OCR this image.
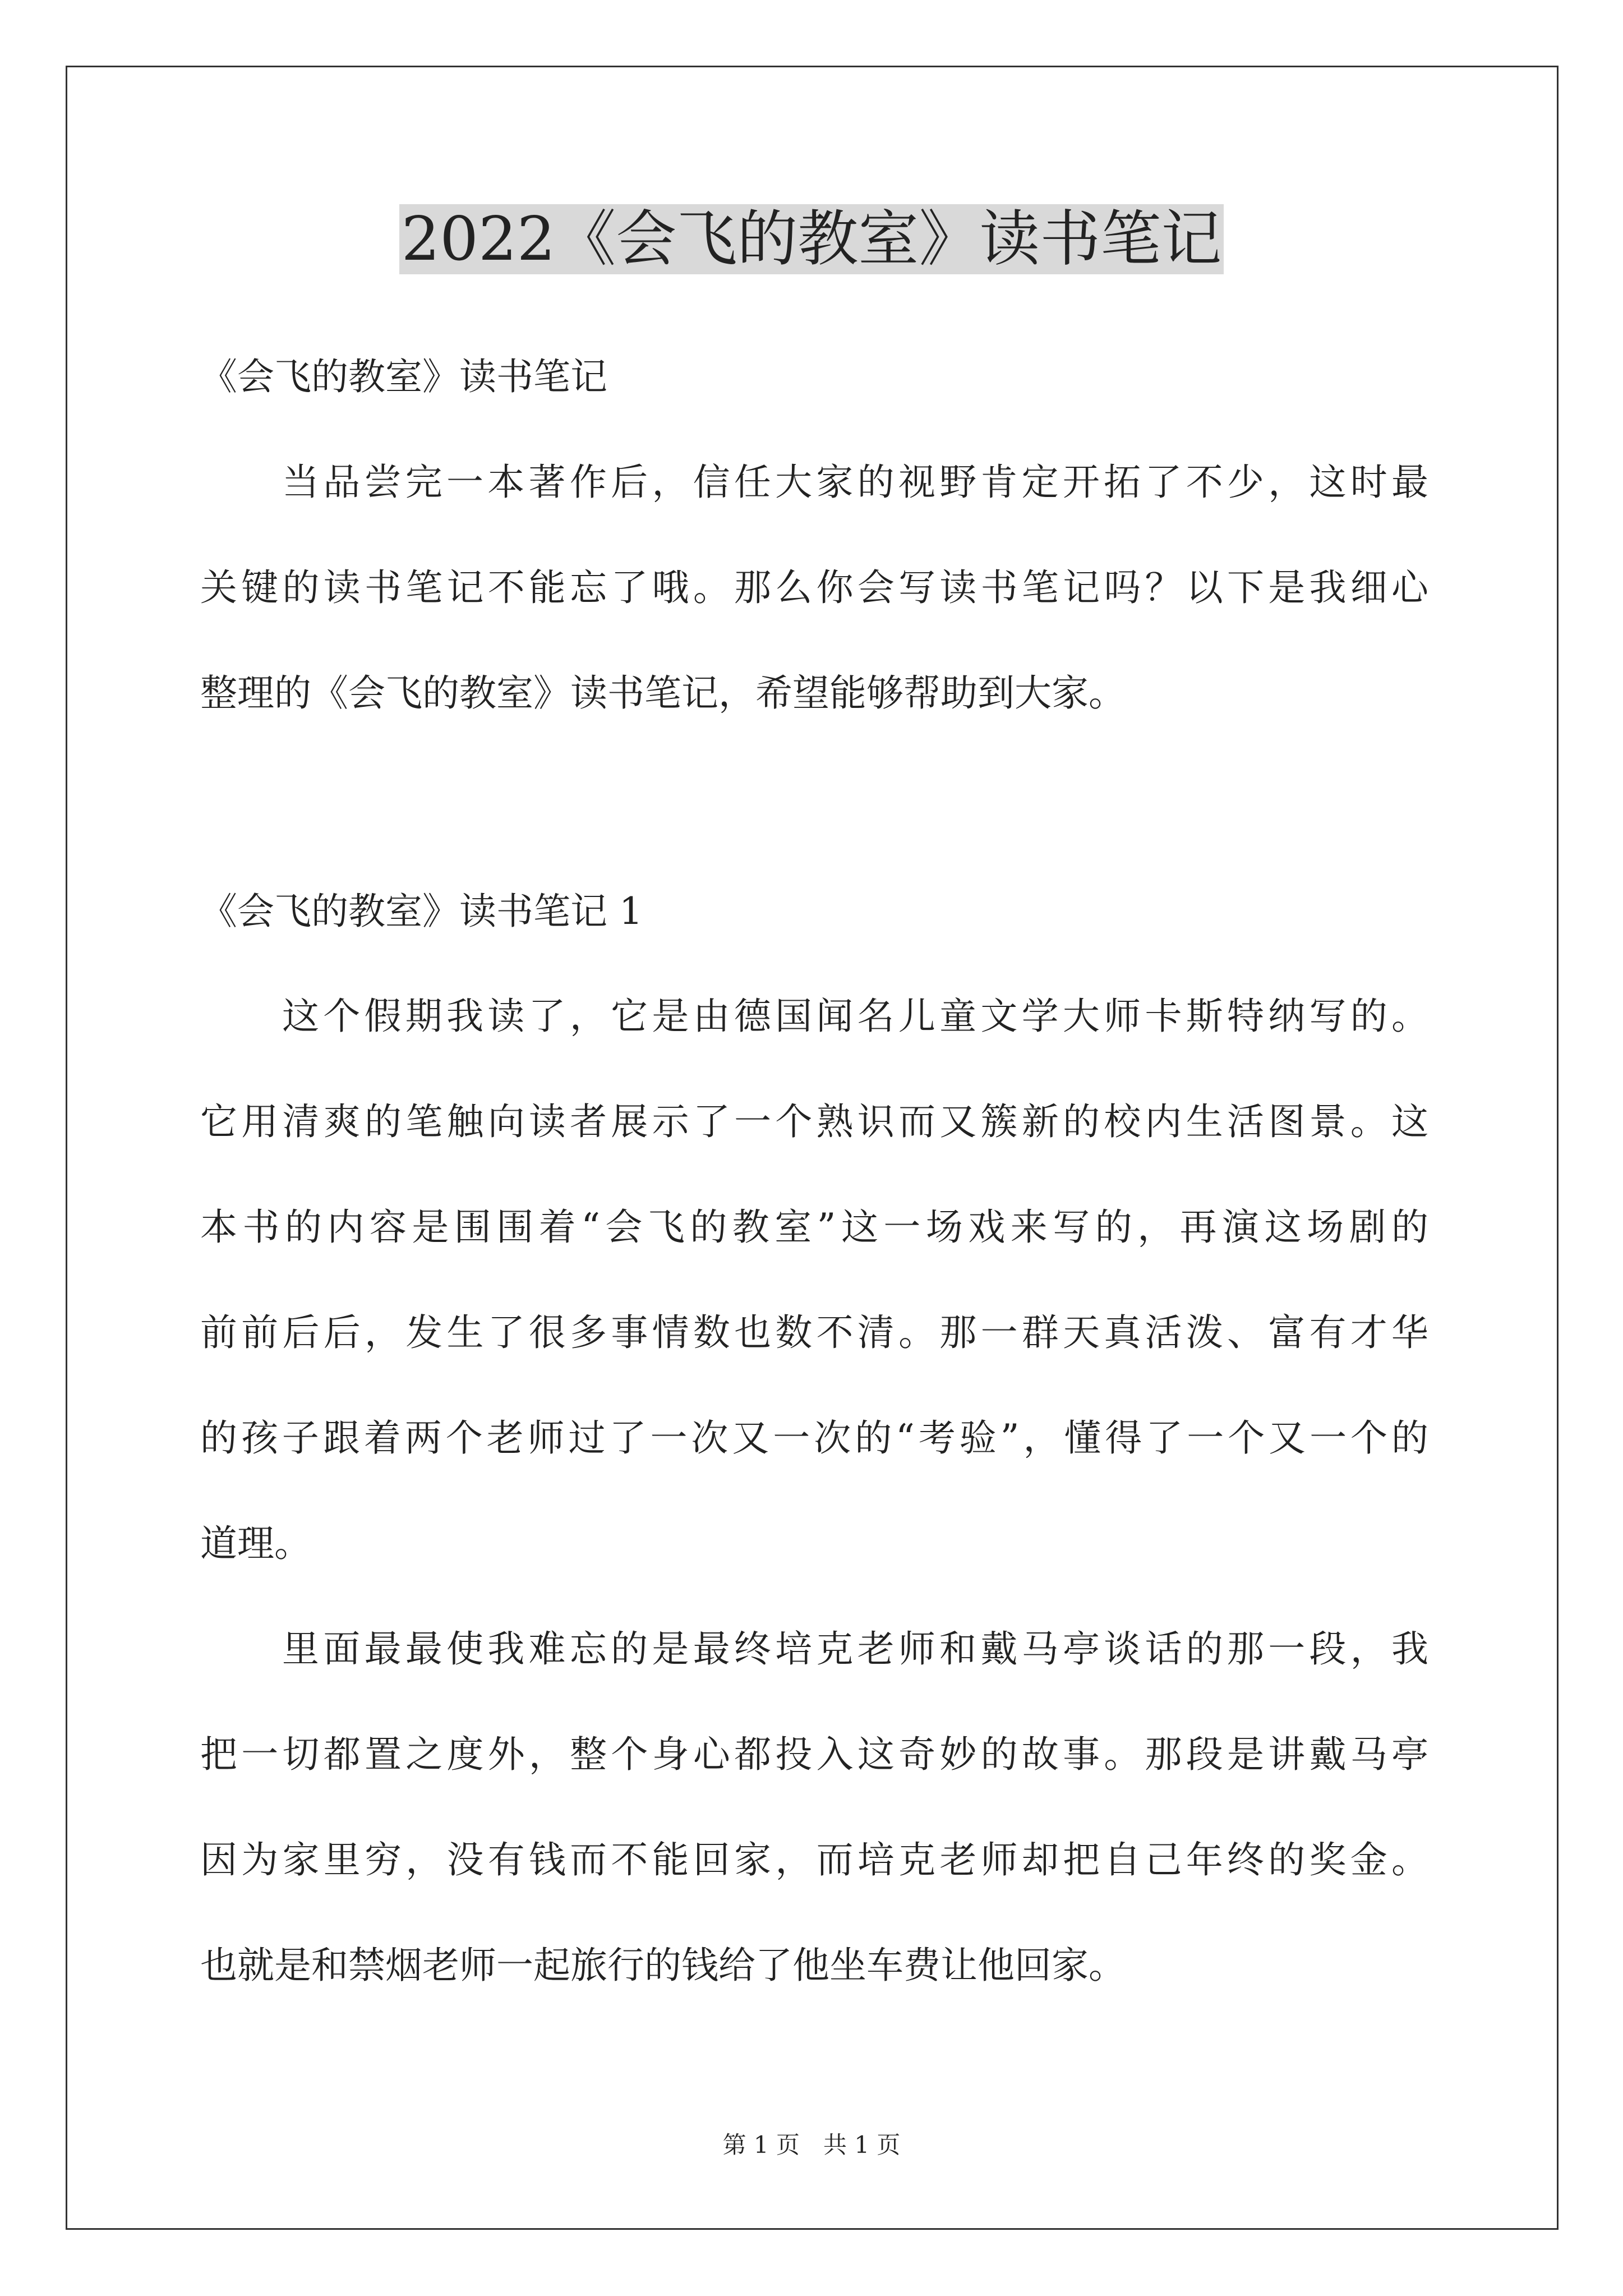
2022《会飞的教室》读书笔记
《会飞的教室》读书笔记
当品尝完一本著作后，信任大家的视野肯定开拓了不少，这时最
关键的读书笔记不能忘了哦。那么你会写读书笔记吗？以下是我细心
整理的《会飞的教室》读书笔记，希望能够帮助到大家。
《会飞的教室》读书笔记 1
这个假期我读了，它是由德国闻名儿童文学大师卡斯特纳写的。
它用清爽的笔触向读者展示了一个熟识而又簇新的校内生活图景。这
本书的内容是围围着“会飞的教室”这一场戏来写的，再演这场剧的
前前后后，发生了很多事情数也数不清。那一群天真活泼、富有才华
的孩子跟着两个老师过了一次又一次的“考验”，懂得了一个又一个的
道理。
里面最最使我难忘的是最终培克老师和戴马亭谈话的那一段，我
把一切都置之度外，整个身心都投入这奇妙的故事。那段是讲戴马亭
因为家里穷，没有钱而不能回家，而培克老师却把自己年终的奖金。
也就是和禁烟老师一起旅行的钱给了他坐车费让他回家。
第 1 页　共 1 页
